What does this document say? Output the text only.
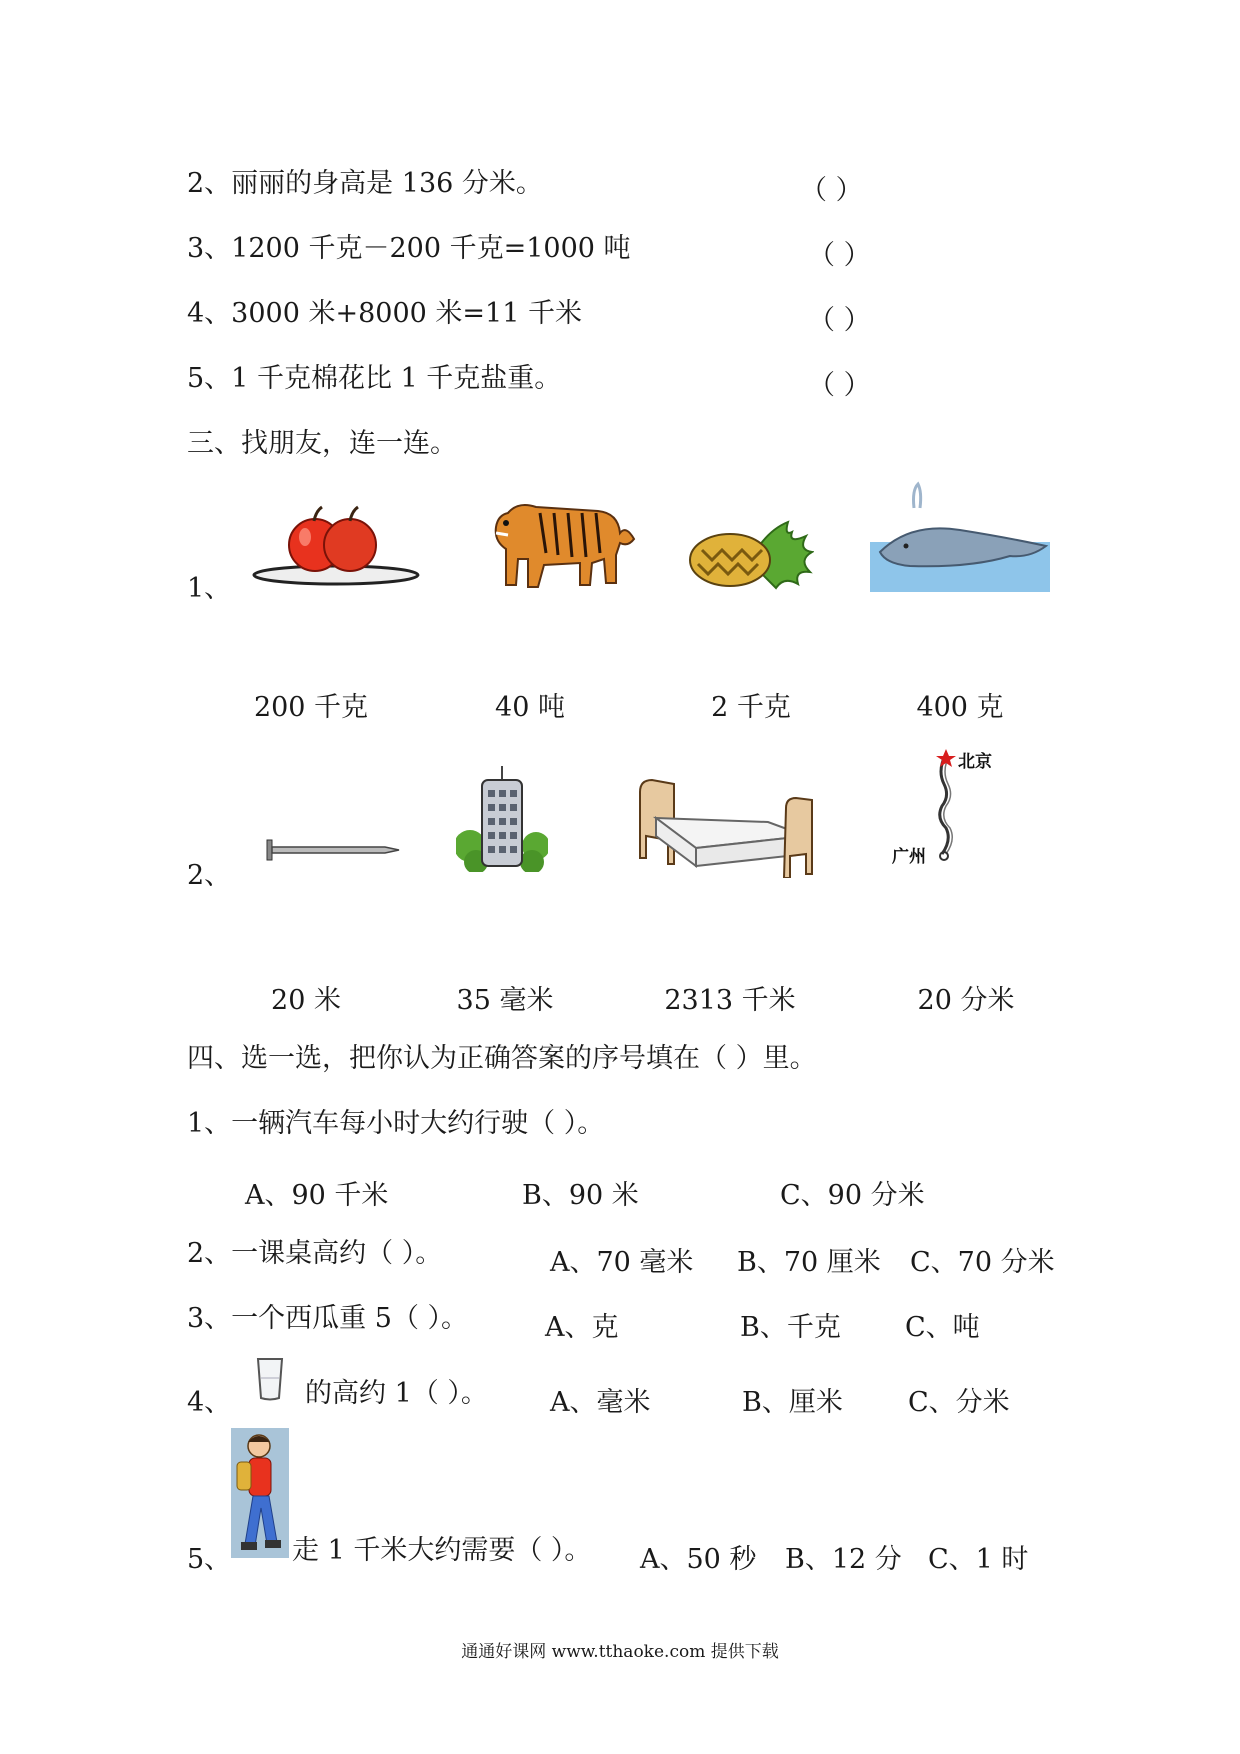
2、丽丽的身高是 136 分米。	（ ）
3、1200 千克－200 千克=1000 吨	（ ）
4、3000 米+8000 米=11 千米	（ ）
5、1 千克棉花比 1 千克盐重。	（ ）
三、找朋友，连一连。
1、
200 千克	40 吨	2 千克	400 克
2、
北京
广州
20 米	35 毫米	2313 千米	20 分米
四、选一选，把你认为正确答案的序号填在（ ）里。
1、一辆汽车每小时大约行驶（ ）。
A、90 千米	B、90 米	C、90 分米
2、一课桌高约（ ）。	A、70 毫米 B、70 厘米 C、70 分米
3、一个西瓜重 5（ ）。	A、克	B、千克 C、吨
4、	的高约 1（ ）。 A、毫米	B、厘米 C、分米
5、 走 1 千米大约需要（ ）。 A、50 秒 B、12 分 C、1 时
通通好课网 www.tthaoke.com 提供下载
